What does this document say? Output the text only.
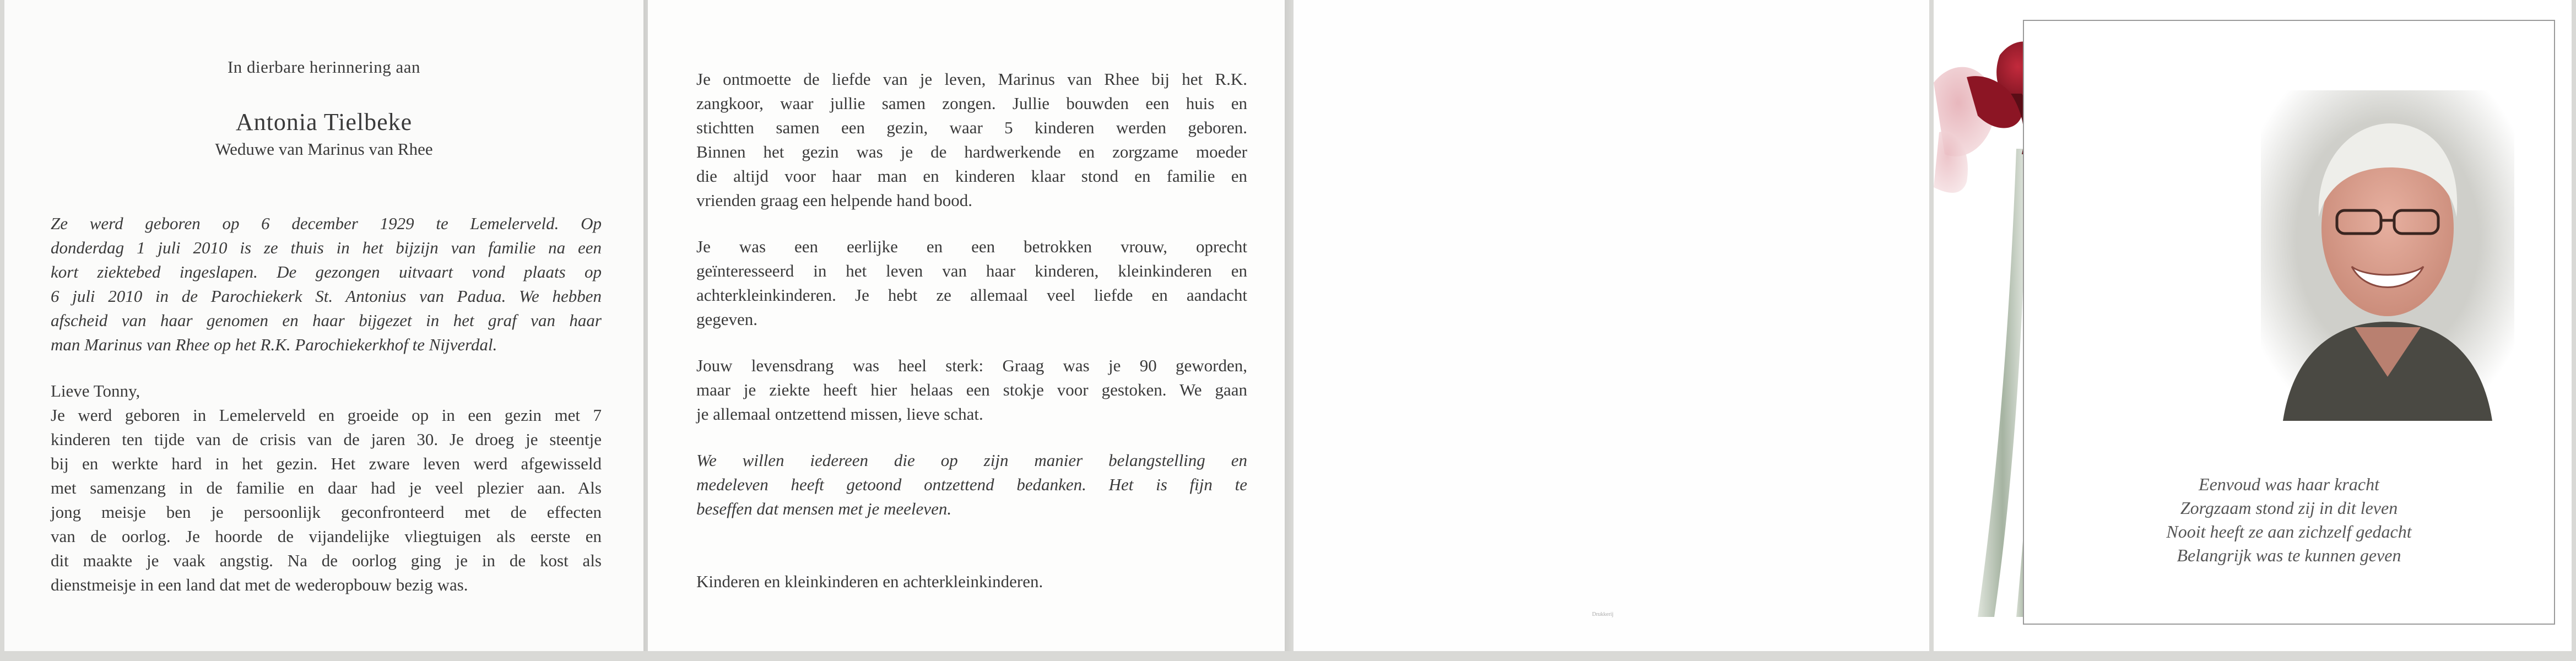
In dierbare herinnering aan
Antonia Tielbeke
Weduwe van Marinus van Rhee
Ze werd geboren op 6 december 1929 te Lemelerveld. Op
donderdag 1 juli 2010 is ze thuis in het bijzijn van familie na een
kort ziektebed ingeslapen. De gezongen uitvaart vond plaats op
6 juli 2010 in de Parochiekerk St. Antonius van Padua. We hebben
afscheid van haar genomen en haar bijgezet in het graf van haar
man Marinus van Rhee op het R.K. Parochiekerkhof te Nijverdal.
Lieve Tonny,
Je werd geboren in Lemelerveld en groeide op in een gezin met 7
kinderen ten tijde van de crisis van de jaren 30. Je droeg je steentje
bij en werkte hard in het gezin. Het zware leven werd afgewisseld
met samenzang in de familie en daar had je veel plezier aan. Als
jong meisje ben je persoonlijk geconfronteerd met de effecten
van de oorlog. Je hoorde de vijandelijke vliegtuigen als eerste en
dit maakte je vaak angstig. Na de oorlog ging je in de kost als
dienstmeisje in een land dat met de wederopbouw bezig was.
Je ontmoette de liefde van je leven, Marinus van Rhee bij het R.K.
zangkoor, waar jullie samen zongen. Jullie bouwden een huis en
stichtten samen een gezin, waar 5 kinderen werden geboren.
Binnen het gezin was je de hardwerkende en zorgzame moeder
die altijd voor haar man en kinderen klaar stond en familie en
vrienden graag een helpende hand bood.
Je was een eerlijke en een betrokken vrouw, oprecht
geïnteresseerd in het leven van haar kinderen, kleinkinderen en
achterkleinkinderen. Je hebt ze allemaal veel liefde en aandacht
gegeven.
Jouw levensdrang was heel sterk: Graag was je 90 geworden,
maar je ziekte heeft hier helaas een stokje voor gestoken. We gaan
je allemaal ontzettend missen, lieve schat.
We willen iedereen die op zijn manier belangstelling en
medeleven heeft getoond ontzettend bedanken. Het is fijn te
beseffen dat mensen met je meeleven.
Kinderen en kleinkinderen en achterkleinkinderen.
Drukkerij
Eenvoud was haar kracht
Zorgzaam stond zij in dit leven
Nooit heeft ze aan zichzelf gedacht
Belangrijk was te kunnen geven
